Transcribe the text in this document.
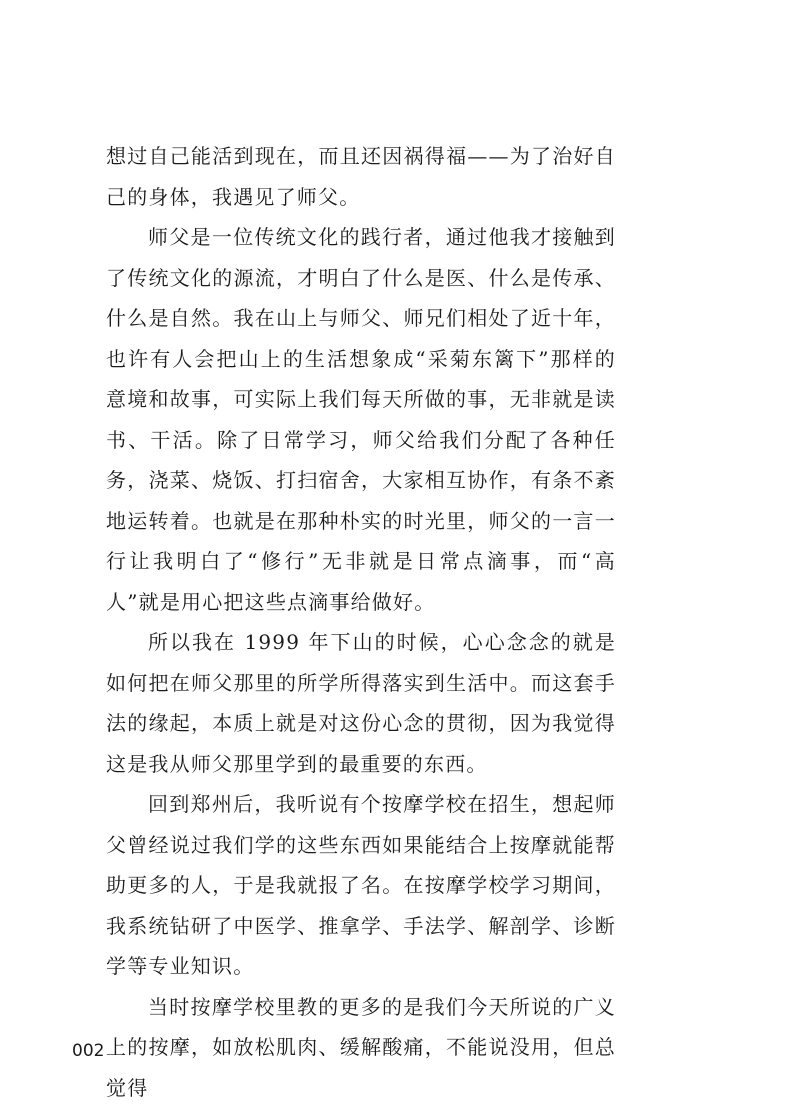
想过自己能活到现在，而且还因祸得福——为了治好自己的身体，我遇见了师父。

师父是一位传统文化的践行者，通过他我才接触到了传统文化的源流，才明白了什么是医、什么是传承、什么是自然。我在山上与师父、师兄们相处了近十年，也许有人会把山上的生活想象成“采菊东篱下”那样的意境和故事，可实际上我们每天所做的事，无非就是读书、干活。除了日常学习，师父给我们分配了各种任务，浇菜、烧饭、打扫宿舍，大家相互协作，有条不紊地运转着。也就是在那种朴实的时光里，师父的一言一行让我明白了“修行”无非就是日常点滴事，而“高人”就是用心把这些点滴事给做好。

所以我在 1999 年下山的时候，心心念念的就是如何把在师父那里的所学所得落实到生活中。而这套手法的缘起，本质上就是对这份心念的贯彻，因为我觉得这是我从师父那里学到的最重要的东西。

回到郑州后，我听说有个按摩学校在招生，想起师父曾经说过我们学的这些东西如果能结合上按摩就能帮助更多的人，于是我就报了名。在按摩学校学习期间，我系统钻研了中医学、推拿学、手法学、解剖学、诊断学等专业知识。

当时按摩学校里教的更多的是我们今天所说的广义上的按摩，如放松肌肉、缓解酸痛，不能说没用，但总觉得

002
